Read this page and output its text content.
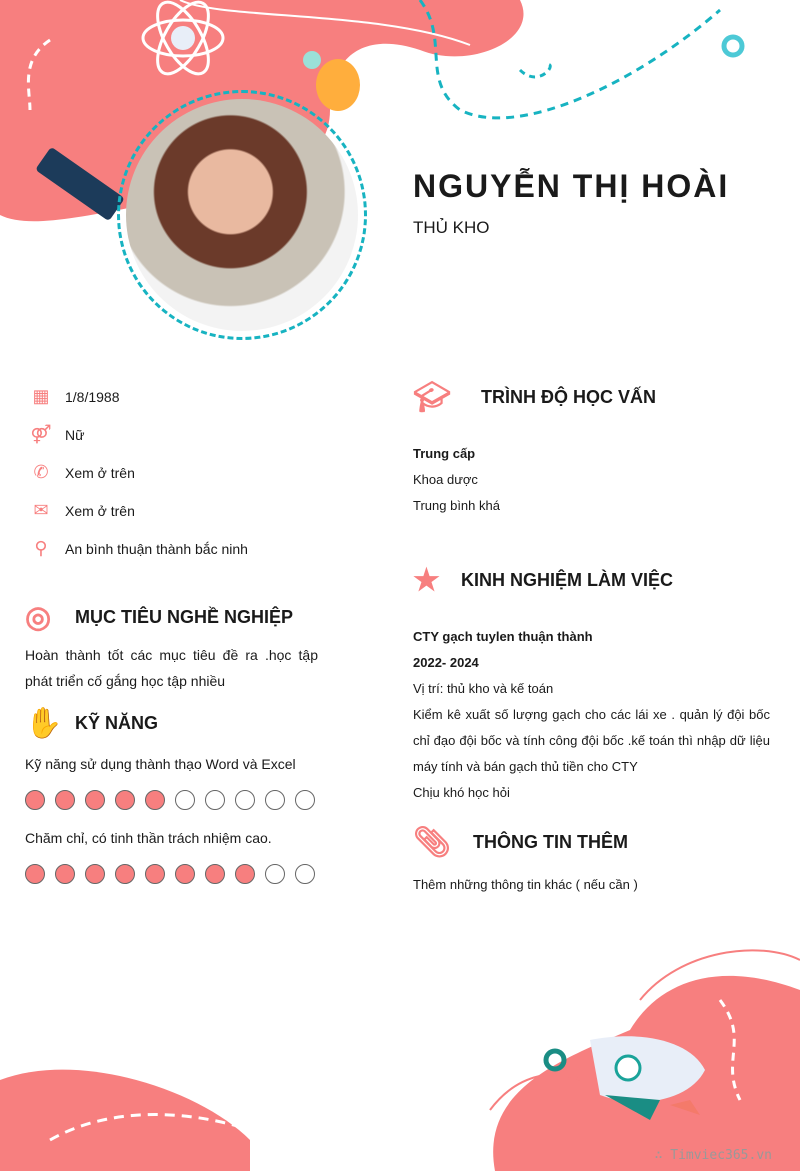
NGUYỄN THỊ HOÀI
THỦ KHO
▦ 1/8/1988
⚤ Nữ
✆ Xem ở trên
✉ Xem ở trên
⚲	An bình thuận thành bắc ninh
◎	MỤC TIÊU NGHỀ NGHIỆP
Hoàn thành tốt các mục tiêu đề ra .học tập phát triển cố gắng học tập nhiều
✋ KỸ NĂNG
Kỹ năng sử dụng thành thạo Word và Excel
Chăm chỉ, có tinh thần trách nhiệm cao.
🎓︎	TRÌNH ĐỘ HỌC VẤN
Trung cấp
Khoa dược
Trung bình khá
★	KINH NGHIỆM LÀM VIỆC
CTY gạch tuylen thuận thành
2022- 2024
Vị trí: thủ kho và kế toán
Kiểm kê xuất số lượng gạch cho các lái xe . quản lý đội bốc chỉ đạo đội bốc và tính công đội bốc .kế toán thì nhập dữ liệu máy tính và bán gạch thủ tiền cho CTY
Chịu khó học hỏi
📎︎	THÔNG TIN THÊM
Thêm những thông tin khác ( nếu cần )
∴ Timviec365.vn
